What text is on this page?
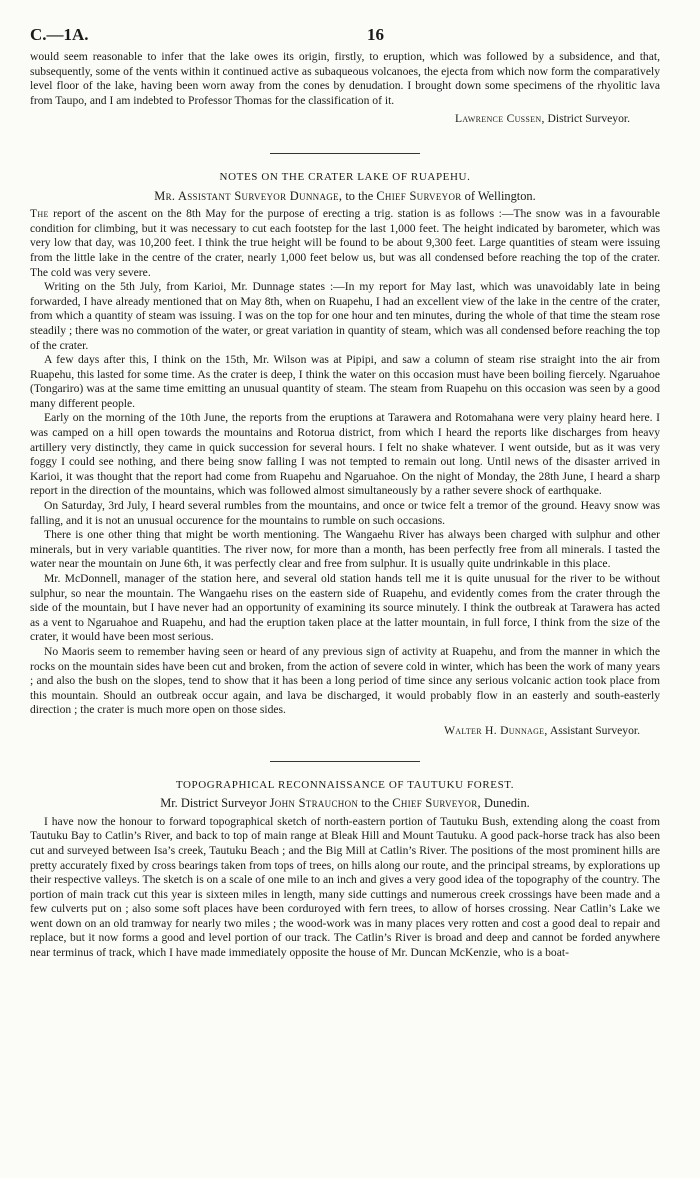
C.—1A.	16

would seem reasonable to infer that the lake owes its origin, firstly, to eruption, which was followed by a subsidence, and that, subsequently, some of the vents within it continued active as subaqueous volcanoes, the ejecta from which now form the comparatively level floor of the lake, having been worn away from the cones by denudation. I brought down some specimens of the rhyolitic lava from Taupo, and I am indebted to Professor Thomas for the classification of it.

Lawrence Cussen, District Surveyor.
NOTES ON THE CRATER LAKE OF RUAPEHU.
Mr. Assistant Surveyor Dunnage, to the Chief Surveyor of Wellington.

The report of the ascent on the 8th May for the purpose of erecting a trig. station is as follows :—The snow was in a favourable condition for climbing, but it was necessary to cut each footstep for the last 1,000 feet. The height indicated by barometer, which was very low that day, was 10,200 feet. I think the true height will be found to be about 9,300 feet. Large quantities of steam were issuing from the little lake in the centre of the crater, nearly 1,000 feet below us, but was all condensed before reaching the top of the crater. The cold was very severe.

Writing on the 5th July, from Karioi, Mr. Dunnage states :—In my report for May last, which was unavoidably late in being forwarded, I have already mentioned that on May 8th, when on Ruapehu, I had an excellent view of the lake in the centre of the crater, from which a quantity of steam was issuing. I was on the top for one hour and ten minutes, during the whole of that time the steam rose steadily ; there was no commotion of the water, or great variation in quantity of steam, which was all condensed before reaching the top of the crater.

A few days after this, I think on the 15th, Mr. Wilson was at Pipipi, and saw a column of steam rise straight into the air from Ruapehu, this lasted for some time. As the crater is deep, I think the water on this occasion must have been boiling fiercely. Ngaruahoe (Tongariro) was at the same time emitting an unusual quantity of steam. The steam from Ruapehu on this occasion was seen by a good many different people.

Early on the morning of the 10th June, the reports from the eruptions at Tarawera and Rotomahana were very plainy heard here. I was camped on a hill open towards the mountains and Rotorua district, from which I heard the reports like discharges from heavy artillery very distinctly, they came in quick succession for several hours. I felt no shake whatever. I went outside, but as it was very foggy I could see nothing, and there being snow falling I was not tempted to remain out long. Until news of the disaster arrived in Karioi, it was thought that the report had come from Ruapehu and Ngaruahoe. On the night of Monday, the 28th June, I heard a sharp report in the direction of the mountains, which was followed almost simultaneously by a rather severe shock of earthquake.

On Saturday, 3rd July, I heard several rumbles from the mountains, and once or twice felt a tremor of the ground. Heavy snow was falling, and it is not an unusual occurence for the mountains to rumble on such occasions.

There is one other thing that might be worth mentioning. The Wangaehu River has always been charged with sulphur and other minerals, but in very variable quantities. The river now, for more than a month, has been perfectly free from all minerals. I tasted the water near the mountain on June 6th, it was perfectly clear and free from sulphur. It is usually quite undrinkable in this place.

Mr. McDonnell, manager of the station here, and several old station hands tell me it is quite unusual for the river to be without sulphur, so near the mountain. The Wangaehu rises on the eastern side of Ruapehu, and evidently comes from the crater through the side of the mountain, but I have never had an opportunity of examining its source minutely. I think the outbreak at Tarawera has acted as a vent to Ngaruahoe and Ruapehu, and had the eruption taken place at the latter mountain, in full force, I think from the size of the crater, it would have been most serious.

No Maoris seem to remember having seen or heard of any previous sign of activity at Ruapehu, and from the manner in which the rocks on the mountain sides have been cut and broken, from the action of severe cold in winter, which has been the work of many years ; and also the bush on the slopes, tend to show that it has been a long period of time since any serious volcanic action took place from this mountain. Should an outbreak occur again, and lava be discharged, it would probably flow in an easterly and south-easterly direction ; the crater is much more open on those sides.

Walter H. Dunnage, Assistant Surveyor.
TOPOGRAPHICAL RECONNAISSANCE OF TAUTUKU FOREST.
Mr. District Surveyor John Strauchon to the Chief Surveyor, Dunedin.

I have now the honour to forward topographical sketch of north-eastern portion of Tautuku Bush, extending along the coast from Tautuku Bay to Catlin’s River, and back to top of main range at Bleak Hill and Mount Tautuku. A good pack-horse track has also been cut and surveyed between Isa’s creek, Tautuku Beach ; and the Big Mill at Catlin’s River. The positions of the most prominent hills are pretty accurately fixed by cross bearings taken from tops of trees, on hills along our route, and the principal streams, by explorations up their respective valleys. The sketch is on a scale of one mile to an inch and gives a very good idea of the topography of the country. The portion of main track cut this year is sixteen miles in length, many side cuttings and numerous creek crossings have been made and a few culverts put on ; also some soft places have been corduroyed with fern trees, to allow of horses crossing. Near Catlin’s Lake we went down on an old tramway for nearly two miles ; the wood-work was in many places very rotten and cost a good deal to repair and replace, but it now forms a good and level portion of our track. The Catlin’s River is broad and deep and cannot be forded anywhere near terminus of track, which I have made immediately opposite the house of Mr. Duncan McKenzie, who is a boat-
